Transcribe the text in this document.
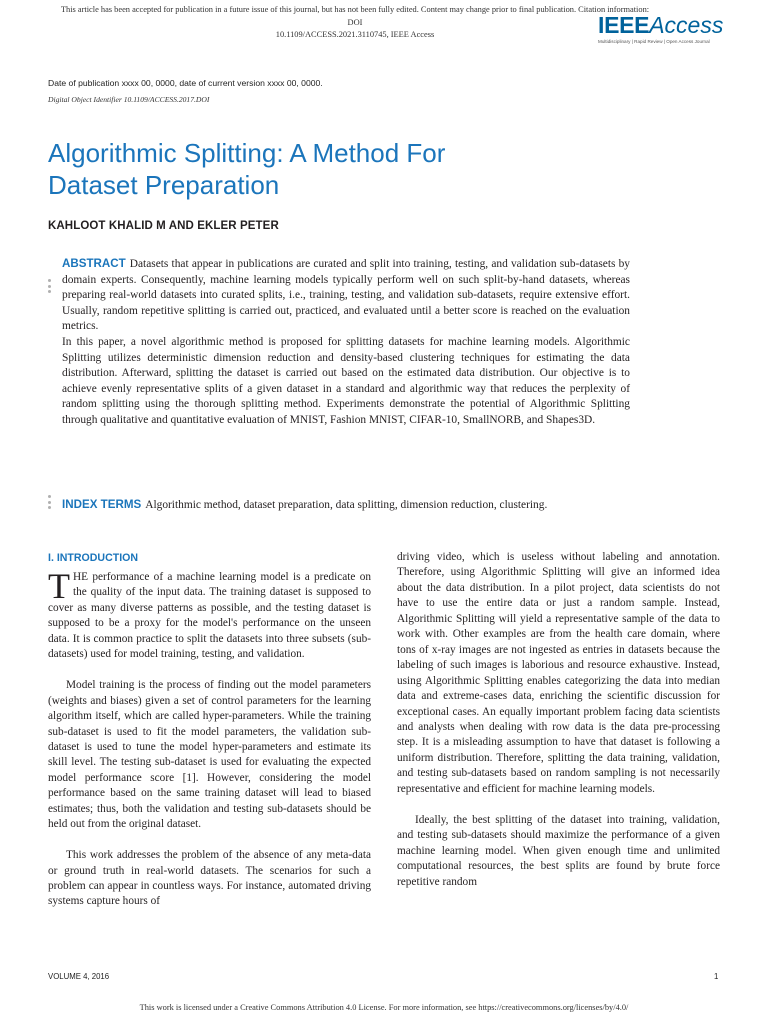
This article has been accepted for publication in a future issue of this journal, but has not been fully edited. Content may change prior to final publication. Citation information: DOI
10.1109/ACCESS.2021.3110745, IEEE Access	IEEEAccess
Multidisciplinary | Rapid Review | Open Access Journal
Date of publication xxxx 00, 0000, date of current version xxxx 00, 0000.
Digital Object Identifier 10.1109/ACCESS.2017.DOI
Algorithmic Splitting: A Method For
Dataset Preparation
KAHLOOT KHALID M AND EKLER PETER

ABSTRACT Datasets that appear in publications are curated and split into training, testing, and validation sub-datasets by domain experts. Consequently, machine learning models typically perform well on such split-by-hand datasets, whereas preparing real-world datasets into curated splits, i.e., training, testing, and validation sub-datasets, require extensive effort. Usually, random repetitive splitting is carried out, practiced, and evaluated until a better score is reached on the evaluation metrics.

In this paper, a novel algorithmic method is proposed for splitting datasets for machine learning models. Algorithmic Splitting utilizes deterministic dimension reduction and density-based clustering techniques for estimating the data distribution. Afterward, splitting the dataset is carried out based on the estimated data distribution. Our objective is to achieve evenly representative splits of a given dataset in a standard and algorithmic way that reduces the perplexity of random splitting using the thorough splitting method. Experiments demonstrate the potential of Algorithmic Splitting through qualitative and quantitative evaluation of MNIST, Fashion MNIST, CIFAR-10, SmallNORB, and Shapes3D.

INDEX TERMS Algorithmic method, dataset preparation, data splitting, dimension reduction, clustering.
I. INTRODUCTION

THE performance of a machine learning model is a predicate on the quality of the input data. The training dataset is supposed to cover as many diverse patterns as possible, and the testing dataset is supposed to be a proxy for the model's performance on the unseen data. It is common practice to split the datasets into three subsets (sub-datasets) used for model training, testing, and validation.

Model training is the process of finding out the model parameters (weights and biases) given a set of control parameters for the learning algorithm itself, which are called hyper-parameters. While the training sub-dataset is used to fit the model parameters, the validation sub-dataset is used to tune the model hyper-parameters and estimate its skill level. The testing sub-dataset is used for evaluating the expected model performance score [1]. However, considering the model performance based on the same training dataset will lead to biased estimates; thus, both the validation and testing sub-datasets should be held out from the original dataset.

This work addresses the problem of the absence of any meta-data or ground truth in real-world datasets. The scenarios for such a problem can appear in countless ways. For instance, automated driving systems capture hours of

driving video, which is useless without labeling and annotation. Therefore, using Algorithmic Splitting will give an informed idea about the data distribution. In a pilot project, data scientists do not have to use the entire data or just a random sample. Instead, Algorithmic Splitting will yield a representative sample of the data to work with. Other examples are from the health care domain, where tons of x-ray images are not ingested as entries in datasets because the labeling of such images is laborious and resource exhaustive. Instead, using Algorithmic Splitting enables categorizing the data into median data and extreme-cases data, enriching the scientific discussion for exceptional cases. An equally important problem facing data scientists and analysts when dealing with row data is the data pre-processing step. It is a misleading assumption to have that dataset is following a uniform distribution. Therefore, splitting the data training, validation, and testing sub-datasets based on random sampling is not necessarily representative and efficient for machine learning models.

Ideally, the best splitting of the dataset into training, validation, and testing sub-datasets should maximize the performance of a given machine learning model. When given enough time and unlimited computational resources, the best splits are found by brute force repetitive random

VOLUME 4, 2016	1
This work is licensed under a Creative Commons Attribution 4.0 License. For more information, see https://creativecommons.org/licenses/by/4.0/
